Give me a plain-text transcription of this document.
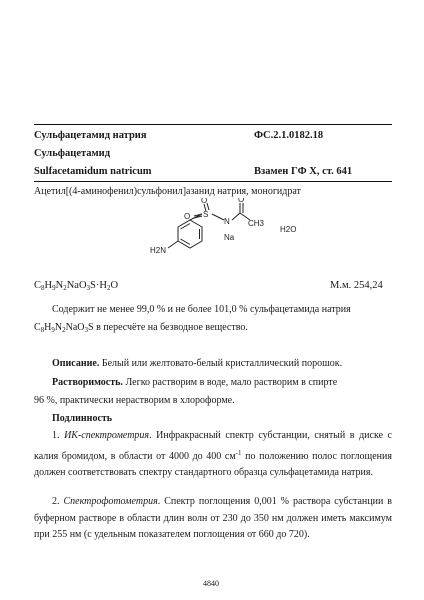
Сульфацетамид натрия	ФС.2.1.0182.18
Сульфацетамид
Sulfacetamidum natricum	Взамен ГФ X, ст. 641
Ацетил[(4-аминофенил)сульфонил]азанид натрия, моногидрат
O S
O
N
O
CH3
Na
H2N
H2O
$C_8H_9N_2NaO_3S\cdot H_2O$	М.м. 254,24
Содержит не менее 99,0 % и не более 101,0 % сульфацетамида натрия
$C_8H_9N_2NaO_3S$ в пересчёте на безводное вещество.
Описание. Белый или желтовато-белый кристаллический порошок.
Растворимость. Легко растворим в воде, мало растворим в спирте
96 %, практически нерастворим в хлороформе.
Подлинность
1. ИК-спектрометрия. Инфракрасный спектр субстанции, снятый в диске с калия бромидом, в области от 4000 до 400 $см^{-1}$ по положению полос поглощения должен соответствовать спектру стандартного образца сульфацетамида натрия.
2. Спектрофотометрия. Спектр поглощения 0,001 % раствора субстанции в буферном растворе в области длин волн от 230 до 350 нм должен иметь максимум при 255 нм (с удельным показателем поглощения от 660 до 720).
4840
